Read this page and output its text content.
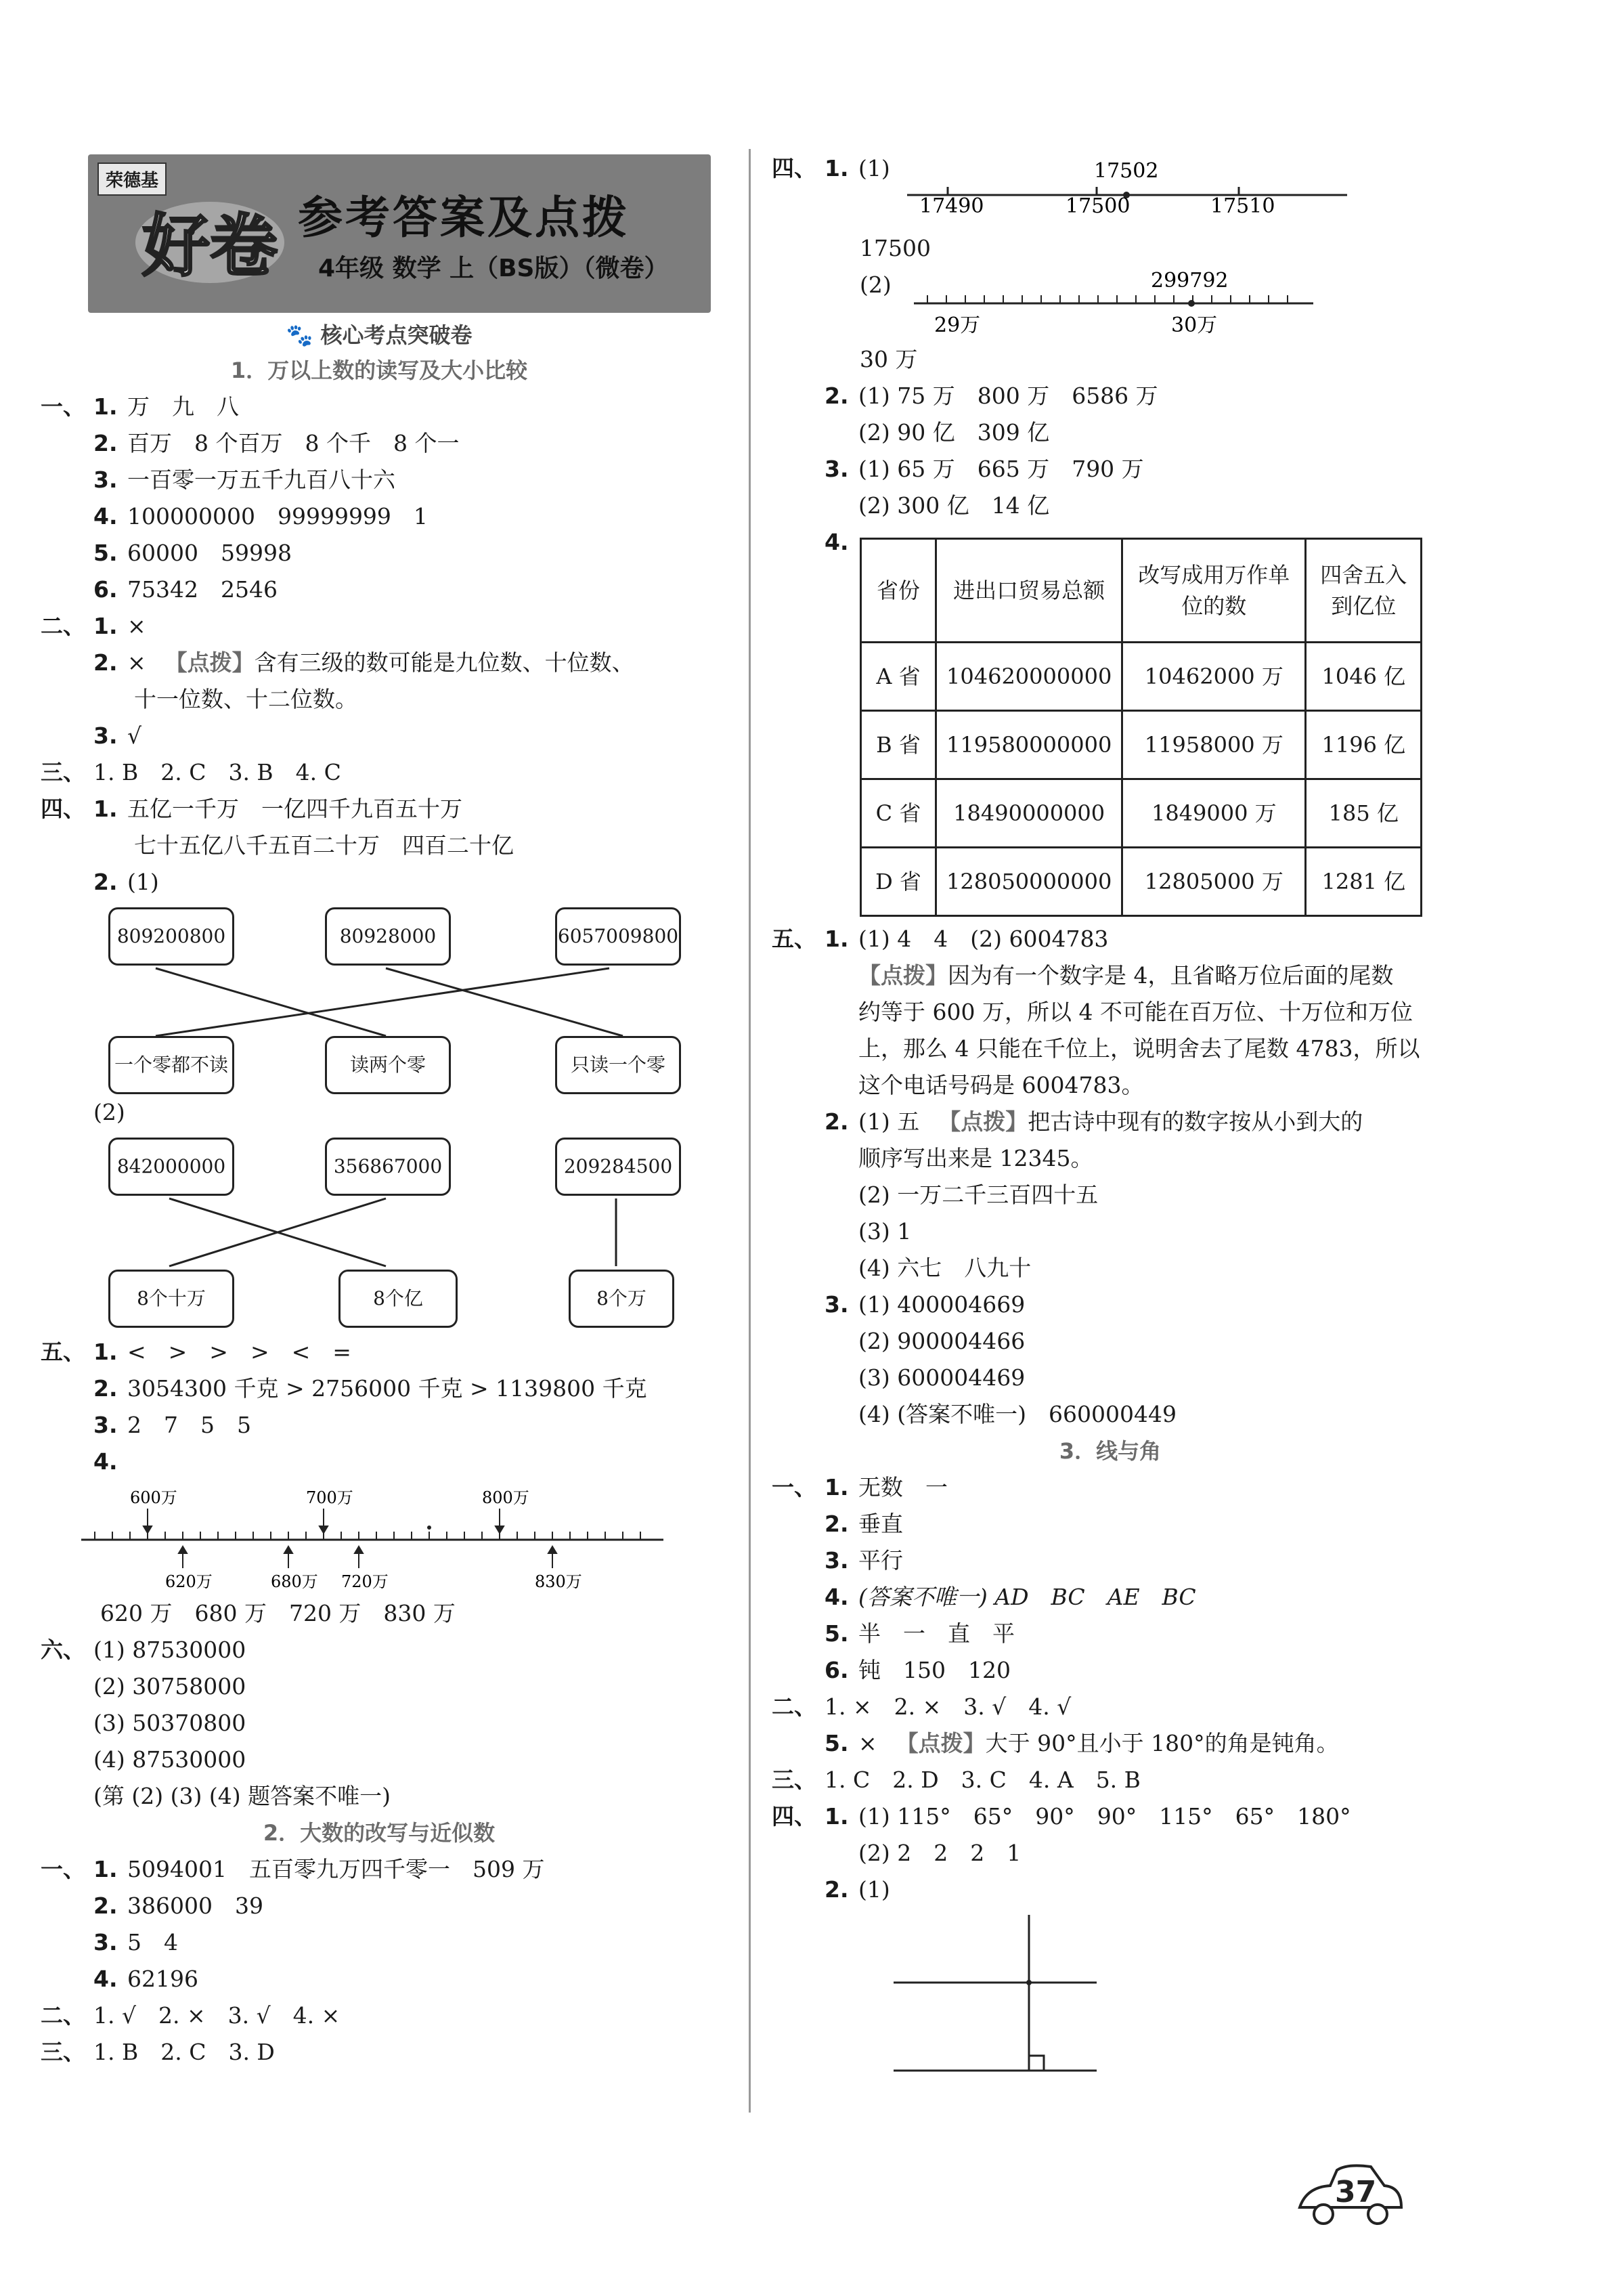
荣德基
好卷 参考答案及点拨
4年级 数学 上（BS版）（微卷）
🐾 核心考点突破卷
1．万以上数的读写及大小比较
一、 1. 万　九　八
2. 百万　8 个百万　8 个千　8 个一
3. 一百零一万五千九百八十六
4. 100000000　99999999　1
5. 60000　59998
6. 75342　2546
二、 1. ×
2. × 【点拨】含有三级的数可能是九位数、十位数、
十一位数、十二位数。
3. √
三、 1. B　2. C　3. B　4. C
四、 1. 五亿一千万　一亿四千九百五十万
七十五亿八千五百二十万　四百二十亿
2. (1)
809200800	80928000	6057009800
一个零都不读	读两个零	只读一个零
(2)
842000000	356867000	209284500
8个十万	8个亿	8个万
五、 1. <　>　>　>　<　=
2. 3054300 千克 > 2756000 千克 > 1139800 千克
3. 2　7　5　5
4.
600万	700万	800万
620万	680万 720万	830万
620 万　680 万　720 万　830 万
六、 (1) 87530000
(2) 30758000
(3) 50370800
(4) 87530000
(第 (2) (3) (4) 题答案不唯一)
2．大数的改写与近似数
一、 1. 5094001　五百零九万四千零一　509 万
2. 386000　39
3. 5　4
4. 62196
二、 1. √　2. ×　3. √　4. ×
三、 1. B　2. C　3. D
四、 1. (1)	17502
17490	17500	17510
17500
(2)	299792
29万	30万
30 万
2. (1) 75 万　800 万　6586 万
(2) 90 亿　309 亿
3. (1) 65 万　665 万　790 万
(2) 300 亿　14 亿
4.
省份	进出口贸易总额	改写成用万作单位的数	四舍五入到亿位
A 省	104620000000	10462000 万	1046 亿
B 省	119580000000	11958000 万	1196 亿
C 省	18490000000	1849000 万	185 亿
D 省	128050000000	12805000 万	1281 亿
五、 1. (1) 4　4　(2) 6004783
【点拨】因为有一个数字是 4，且省略万位后面的尾数
约等于 600 万，所以 4 不可能在百万位、十万位和万位
上，那么 4 只能在千位上，说明舍去了尾数 4783，所以
这个电话号码是 6004783。
2. (1) 五 【点拨】把古诗中现有的数字按从小到大的
顺序写出来是 12345。
(2) 一万二千三百四十五
(3) 1
(4) 六七　八九十
3. (1) 400004669
(2) 900004466
(3) 600004469
(4) (答案不唯一)　660000449
3．线与角
一、 1. 无数　一
2. 垂直
3. 平行
4. (答案不唯一) AD　BC　AE　BC
5. 半　一　直　平
6. 钝　150　120
二、 1. ×　2. ×　3. √　4. √
5. × 【点拨】大于 90°且小于 180°的角是钝角。
三、 1. C　2. D　3. C　4. A　5. B
四、 1. (1) 115°　65°　90°　90°　115°　65°　180°
(2) 2　2　2　1
2. (1)
37
